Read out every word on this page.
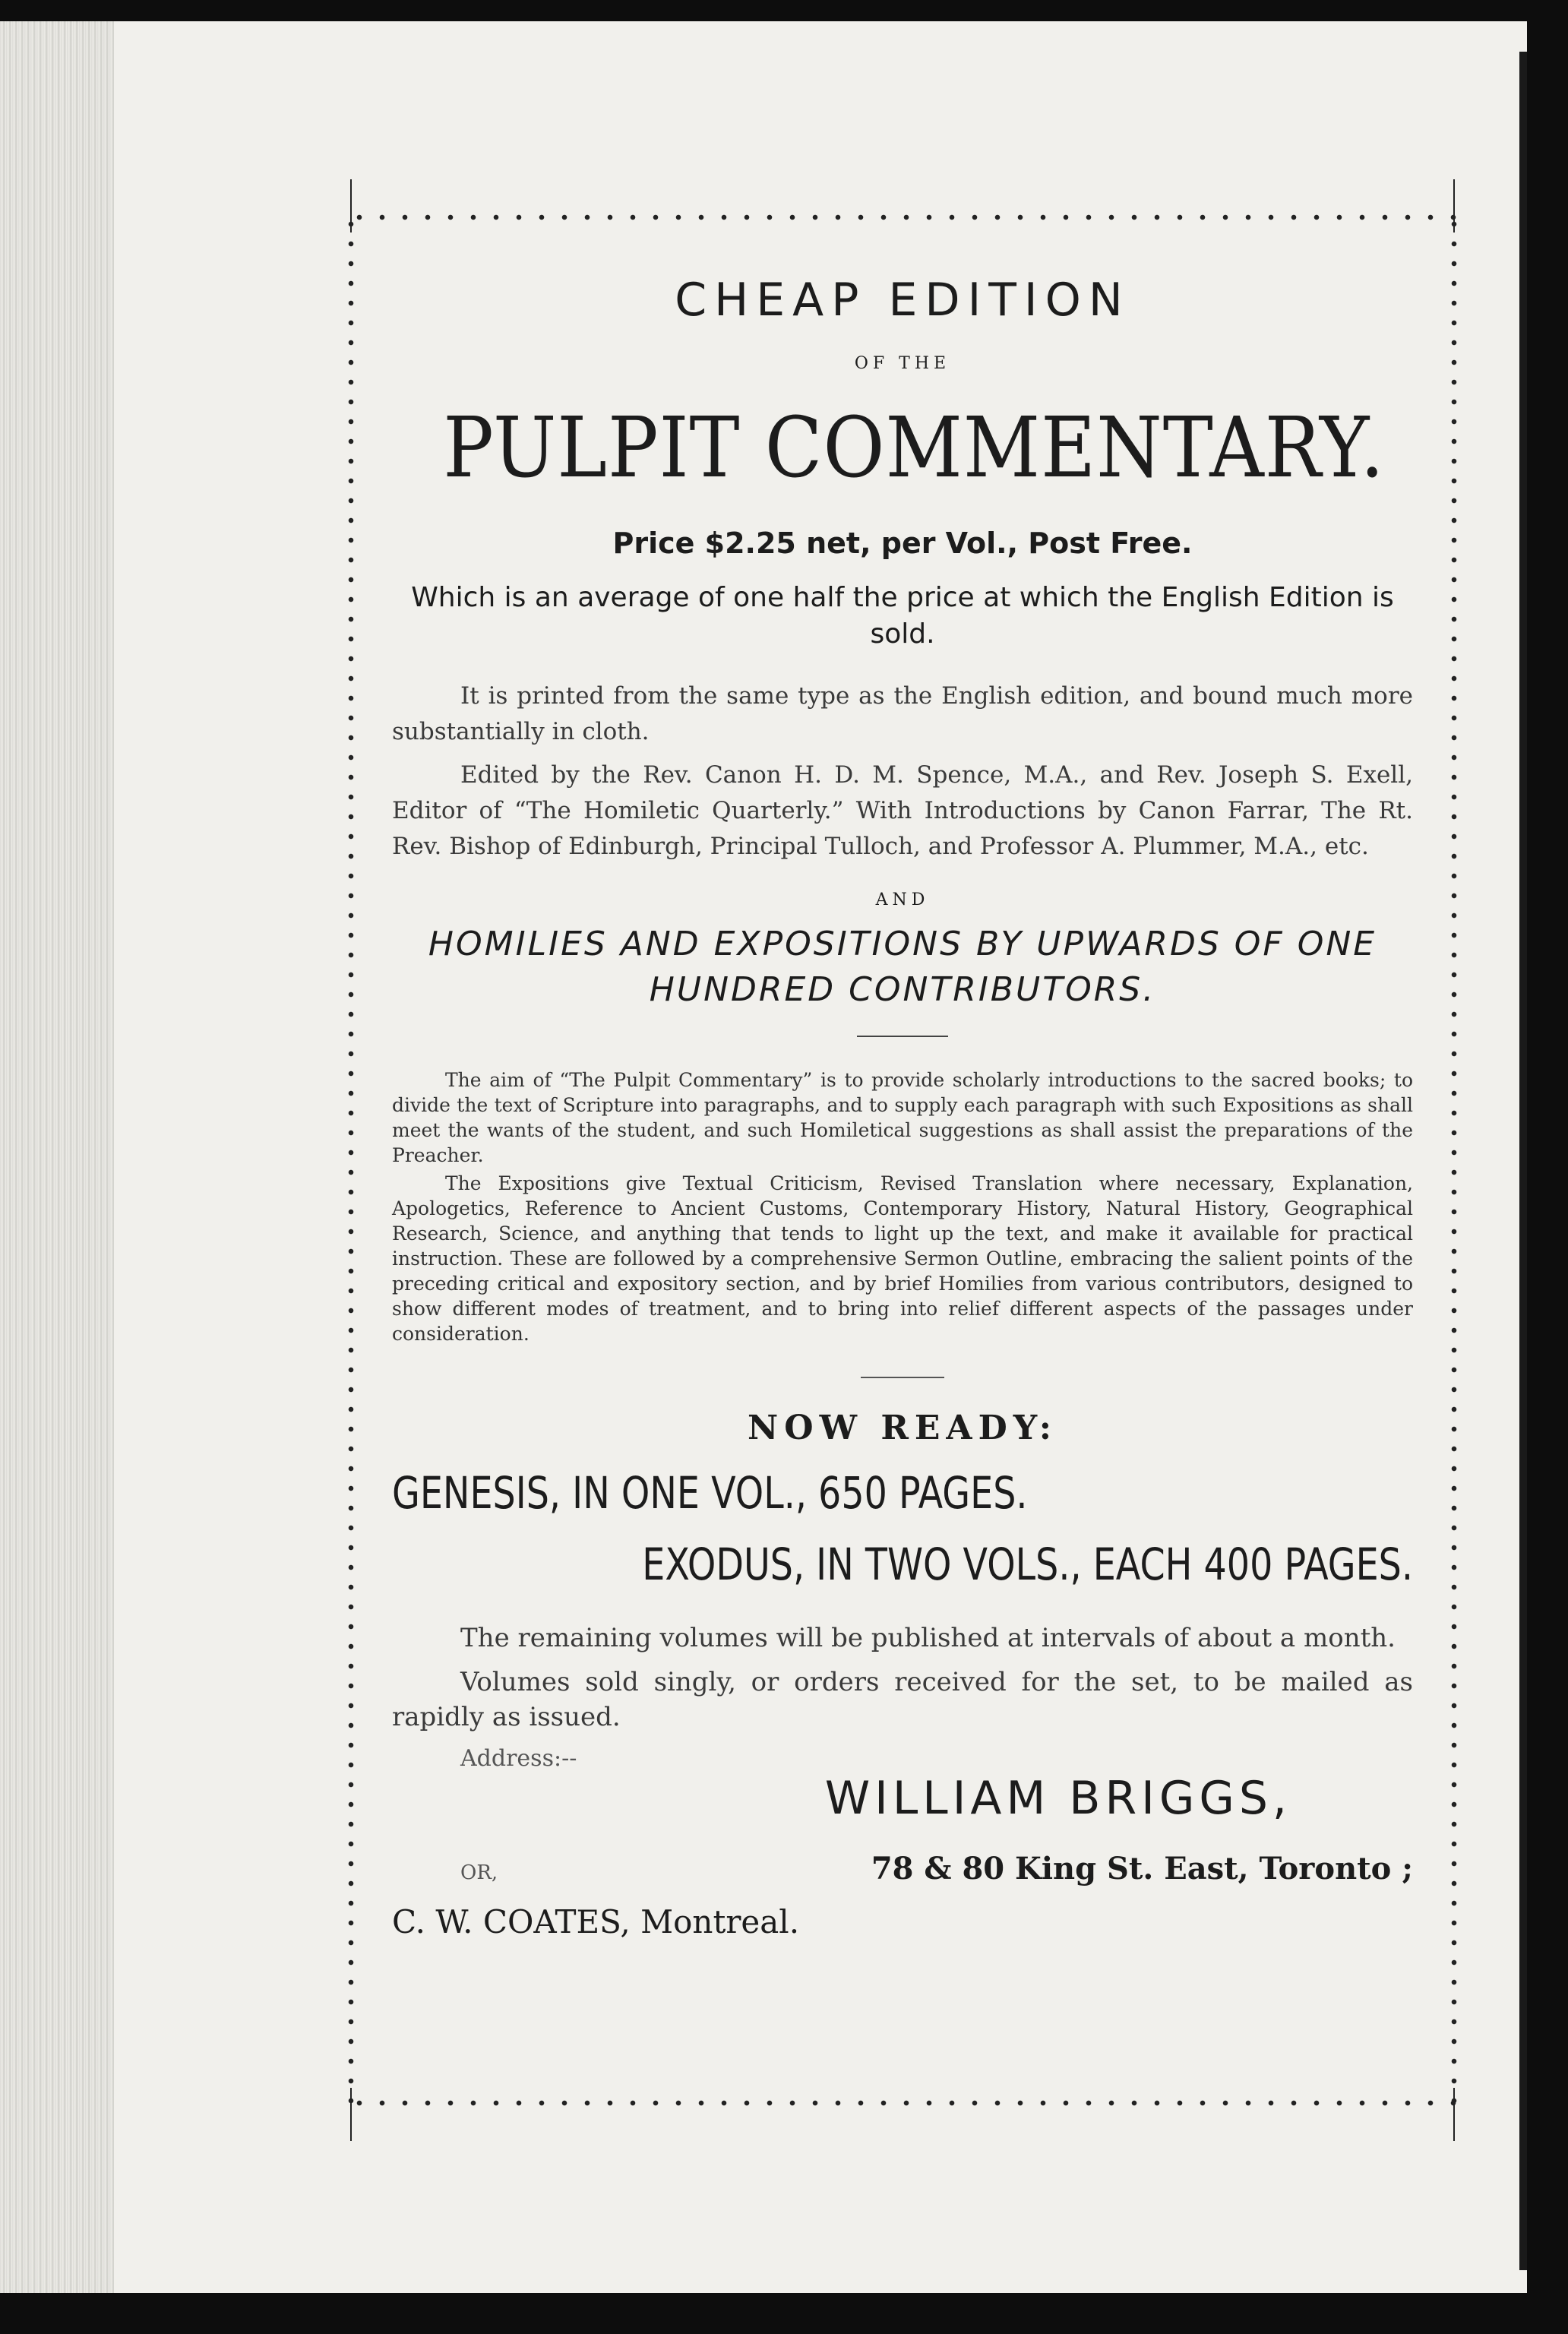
CHEAP EDITION
OF THE
PULPIT COMMENTARY.
Price $2.25 net, per Vol., Post Free.
Which is an average of one half the price at which the English Edition is sold.

It is printed from the same type as the English edition, and bound much more substantially in cloth.

Edited by the Rev. Canon H. D. M. Spence, M.A., and Rev. Joseph S. Exell, Editor of “The Homiletic Quarterly.” With Introductions by Canon Farrar, The Rt. Rev. Bishop of Edinburgh, Principal Tulloch, and Professor A. Plummer, M.A., etc.

AND
HOMILIES AND EXPOSITIONS BY UPWARDS OF ONE HUNDRED CONTRIBUTORS.

The aim of “The Pulpit Commentary” is to provide scholarly introductions to the sacred books; to divide the text of Scripture into paragraphs, and to supply each paragraph with such Expositions as shall meet the wants of the student, and such Homiletical suggestions as shall assist the preparations of the Preacher.

The Expositions give Textual Criticism, Revised Translation where necessary, Explanation, Apologetics, Reference to Ancient Customs, Contemporary History, Natural History, Geographical Research, Science, and anything that tends to light up the text, and make it available for practical instruction. These are followed by a comprehensive Sermon Outline, embracing the salient points of the preceding critical and expository section, and by brief Homilies from various contributors, designed to show different modes of treatment, and to bring into relief different aspects of the passages under consideration.

NOW READY:
GENESIS, IN ONE VOL., 650 PAGES.
EXODUS, IN TWO VOLS., EACH 400 PAGES.

The remaining volumes will be published at intervals of about a month.

Volumes sold singly, or orders received for the set, to be mailed as rapidly as issued.

Address:--
WILLIAM BRIGGS,
OR,	78 & 80 King St. East, Toronto ;
C. W. COATES, Montreal.
